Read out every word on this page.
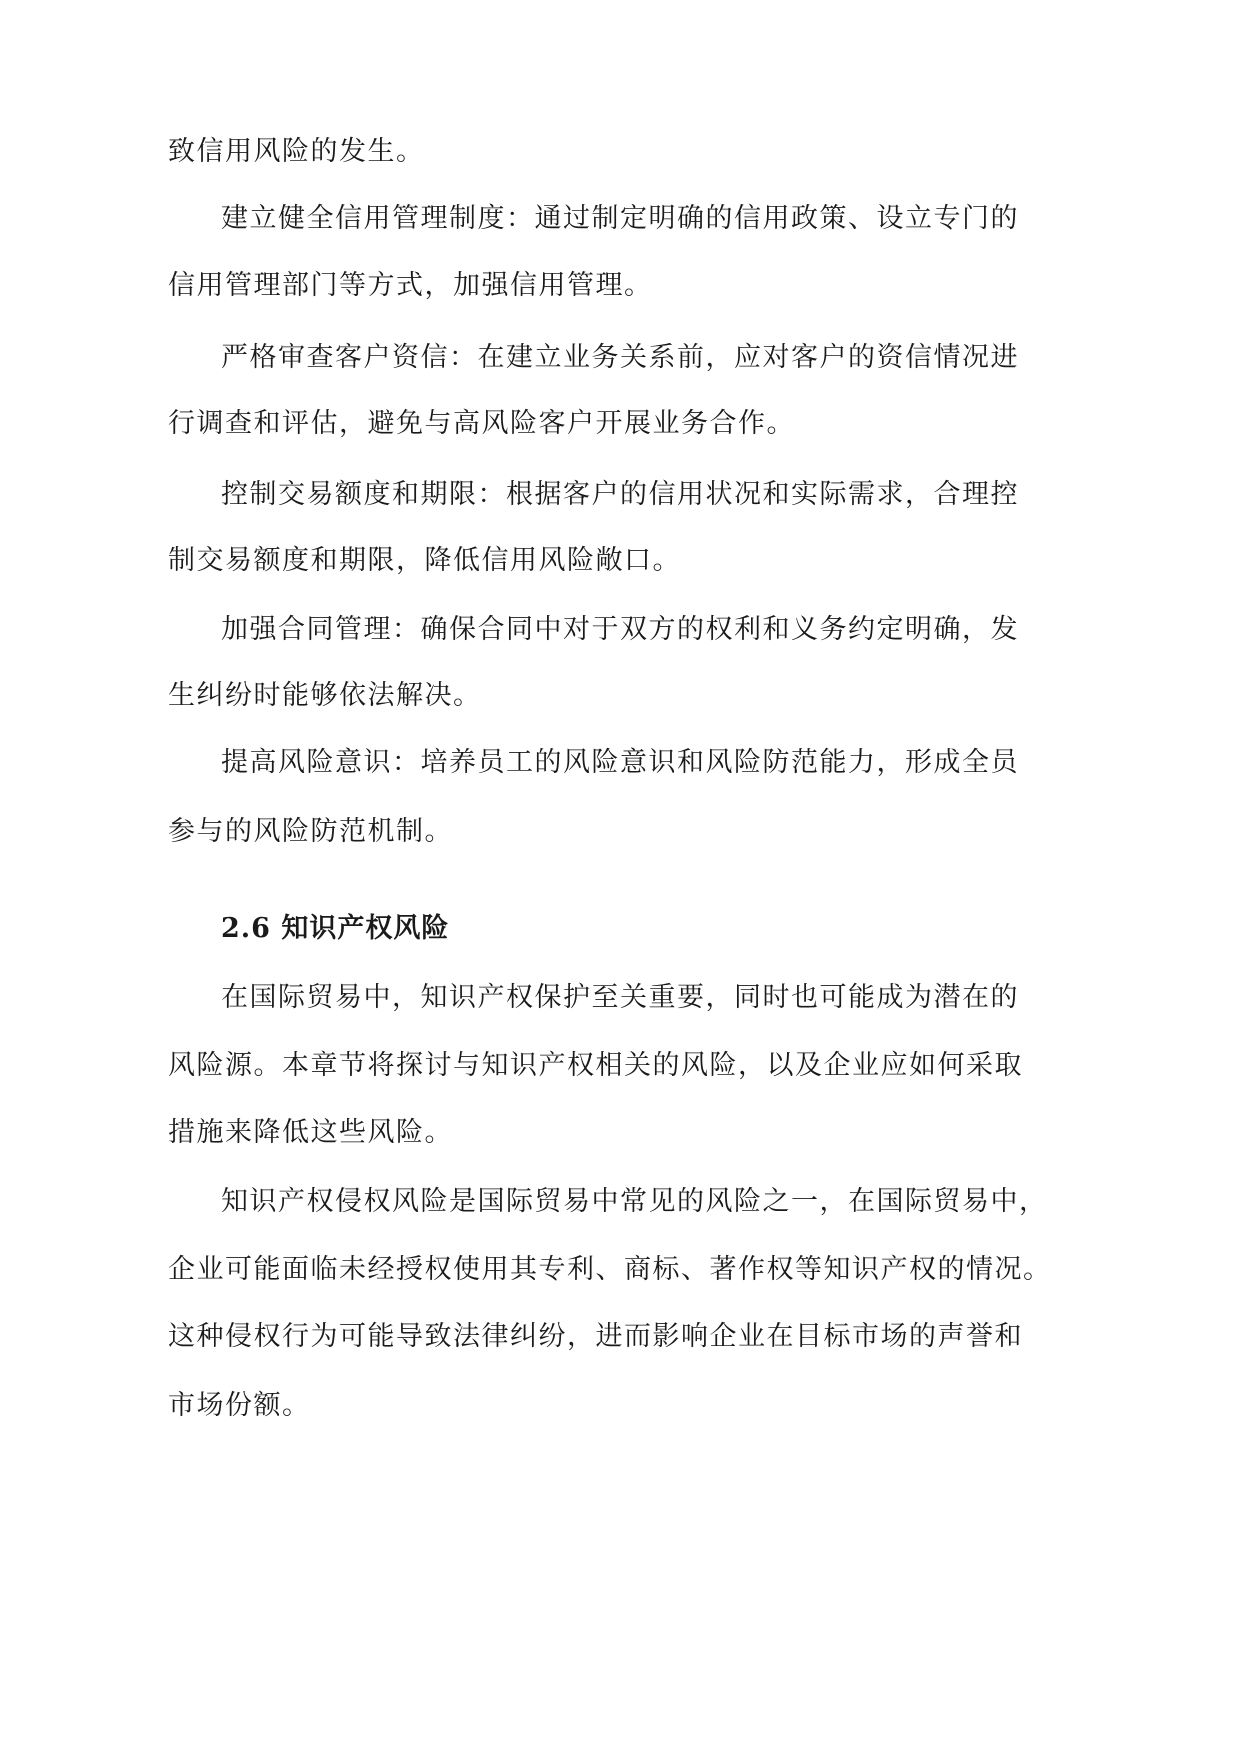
致信用风险的发生。

建立健全信用管理制度：通过制定明确的信用政策、设立专门的

信用管理部门等方式，加强信用管理。

严格审查客户资信：在建立业务关系前，应对客户的资信情况进

行调查和评估，避免与高风险客户开展业务合作。

控制交易额度和期限：根据客户的信用状况和实际需求，合理控

制交易额度和期限，降低信用风险敞口。

加强合同管理：确保合同中对于双方的权利和义务约定明确，发

生纠纷时能够依法解决。

提高风险意识：培养员工的风险意识和风险防范能力，形成全员

参与的风险防范机制。

2.6 知识产权风险

在国际贸易中，知识产权保护至关重要，同时也可能成为潜在的

风险源。本章节将探讨与知识产权相关的风险，以及企业应如何采取

措施来降低这些风险。

知识产权侵权风险是国际贸易中常见的风险之一，在国际贸易中，

企业可能面临未经授权使用其专利、商标、著作权等知识产权的情况。

这种侵权行为可能导致法律纠纷，进而影响企业在目标市场的声誉和

市场份额。
